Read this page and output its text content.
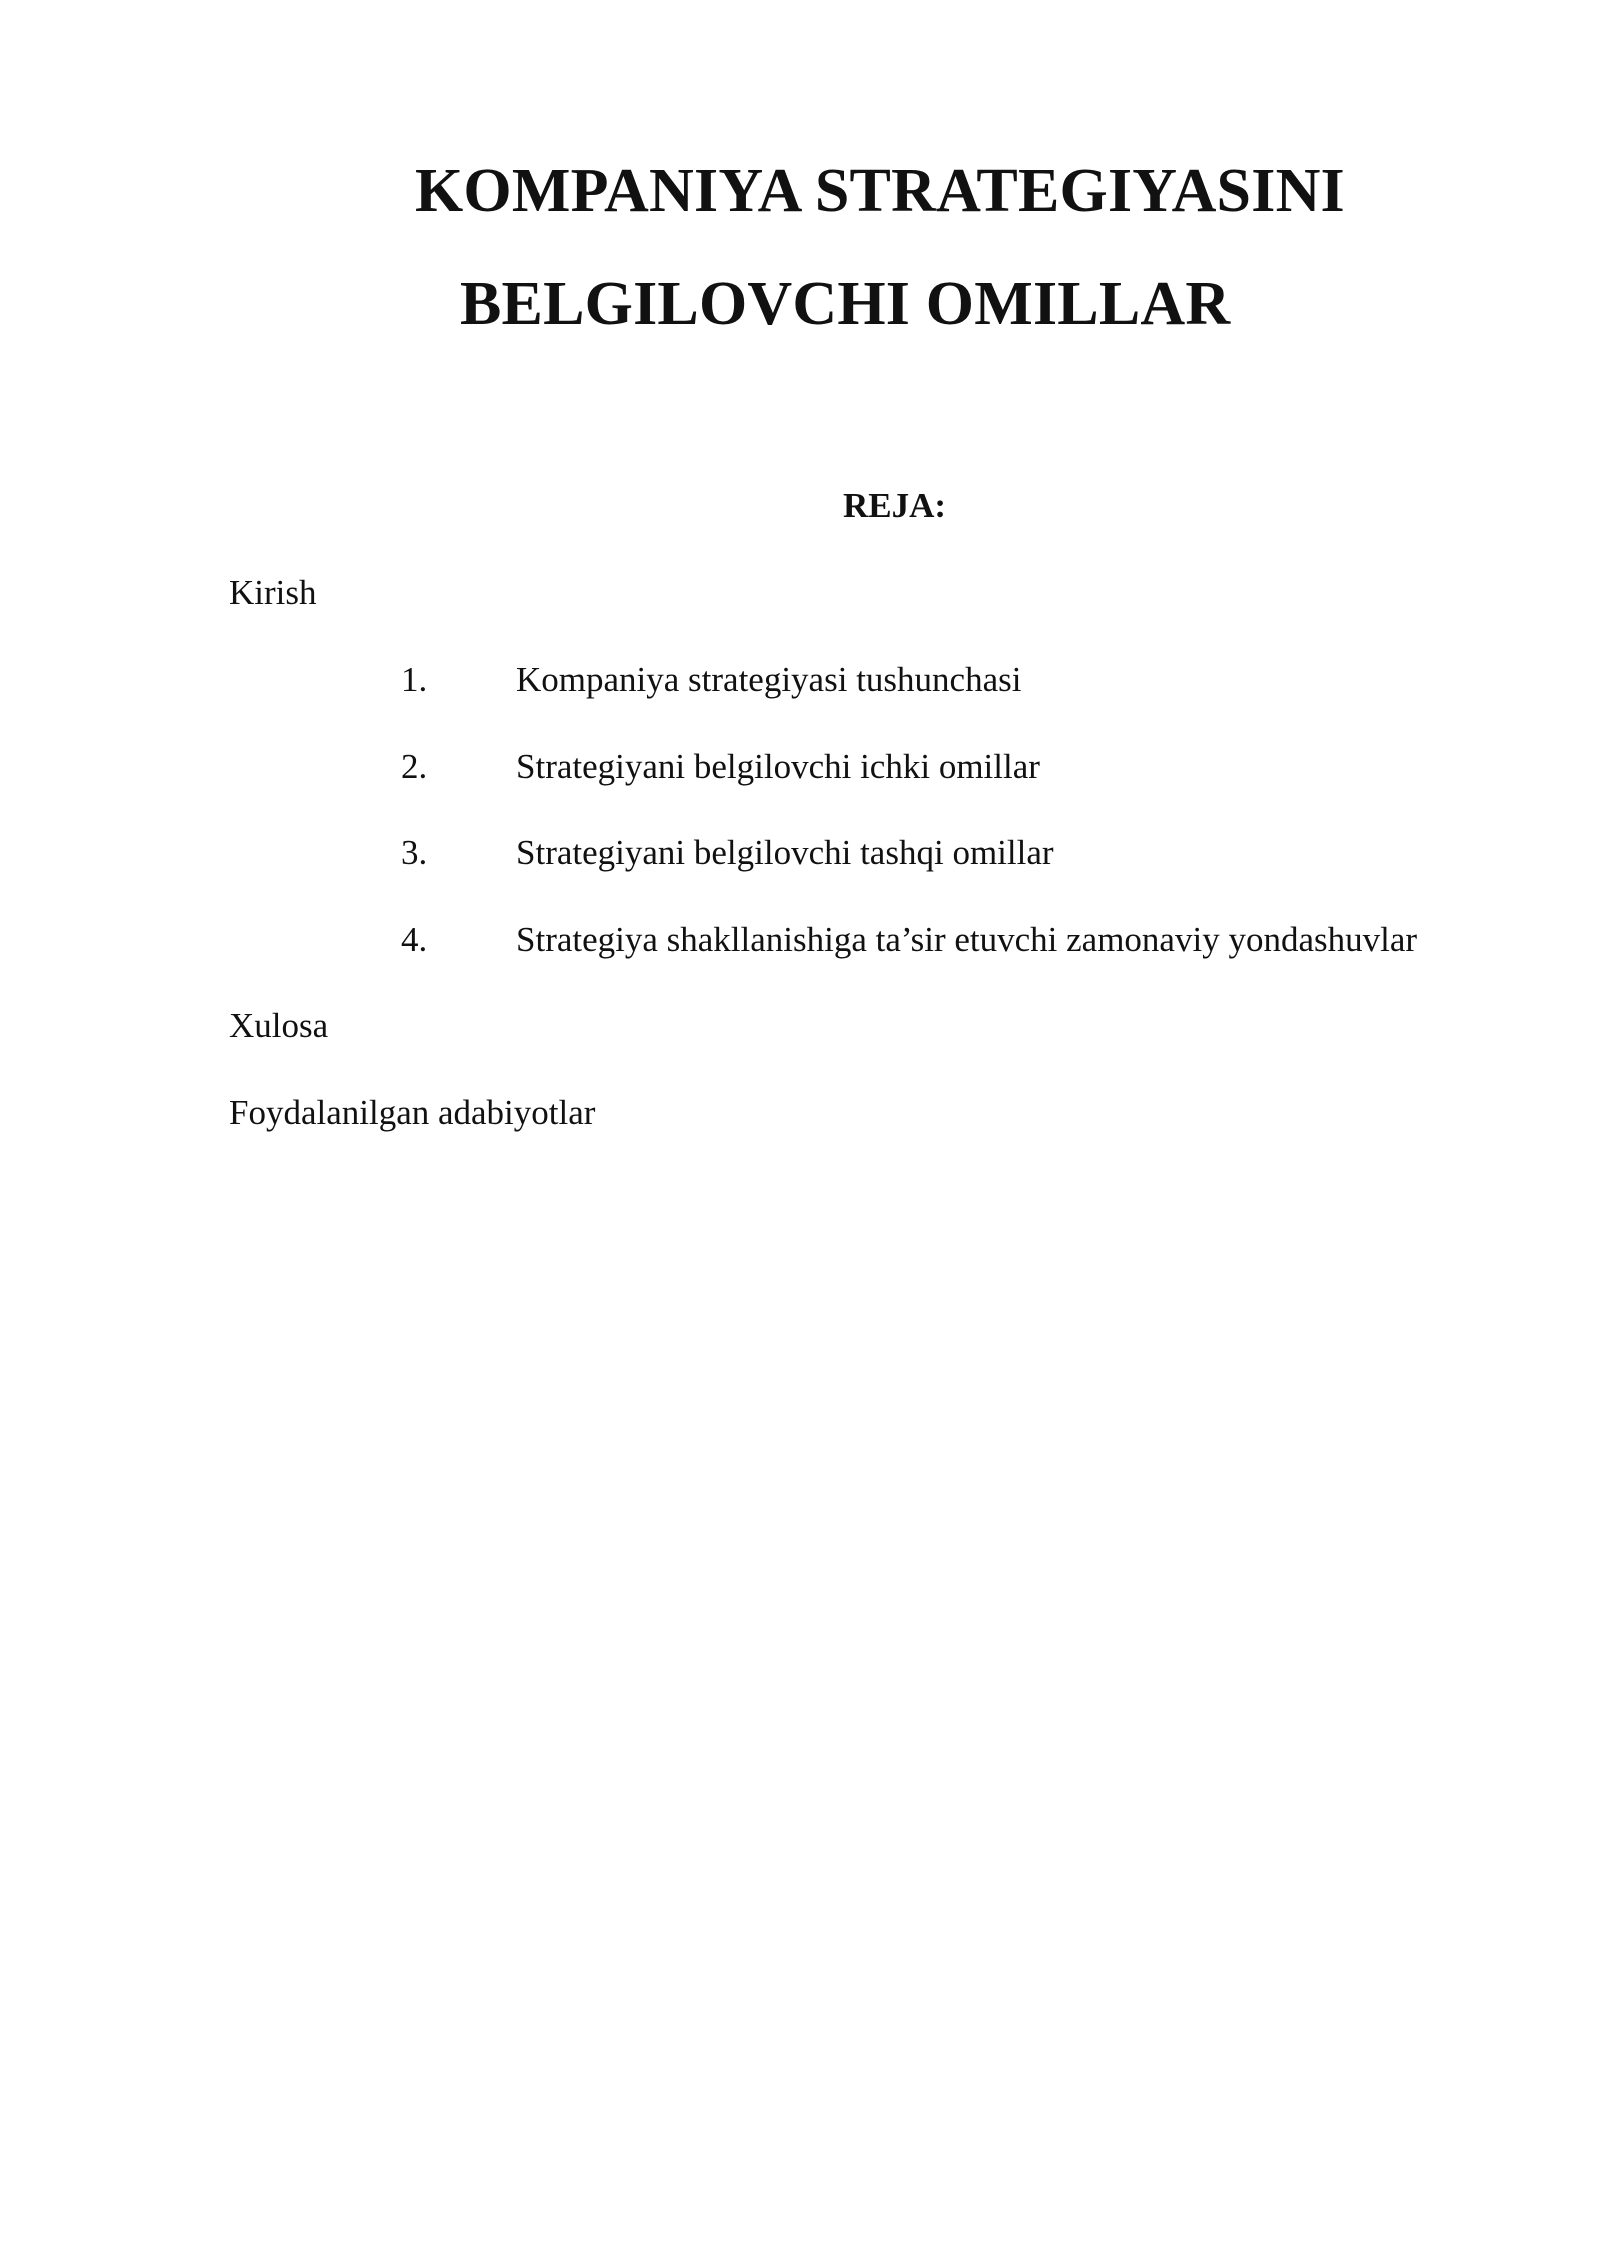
KOMPANIYA STRATEGIYASINI
BELGILOVCHI OMILLAR
REJA:
Kirish
1.	Kompaniya strategiyasi tushunchasi
2.	Strategiyani belgilovchi ichki omillar
3.	Strategiyani belgilovchi tashqi omillar
4.	Strategiya shakllanishiga ta’sir etuvchi zamonaviy yondashuvlar
Xulosa
Foydalanilgan adabiyotlar
